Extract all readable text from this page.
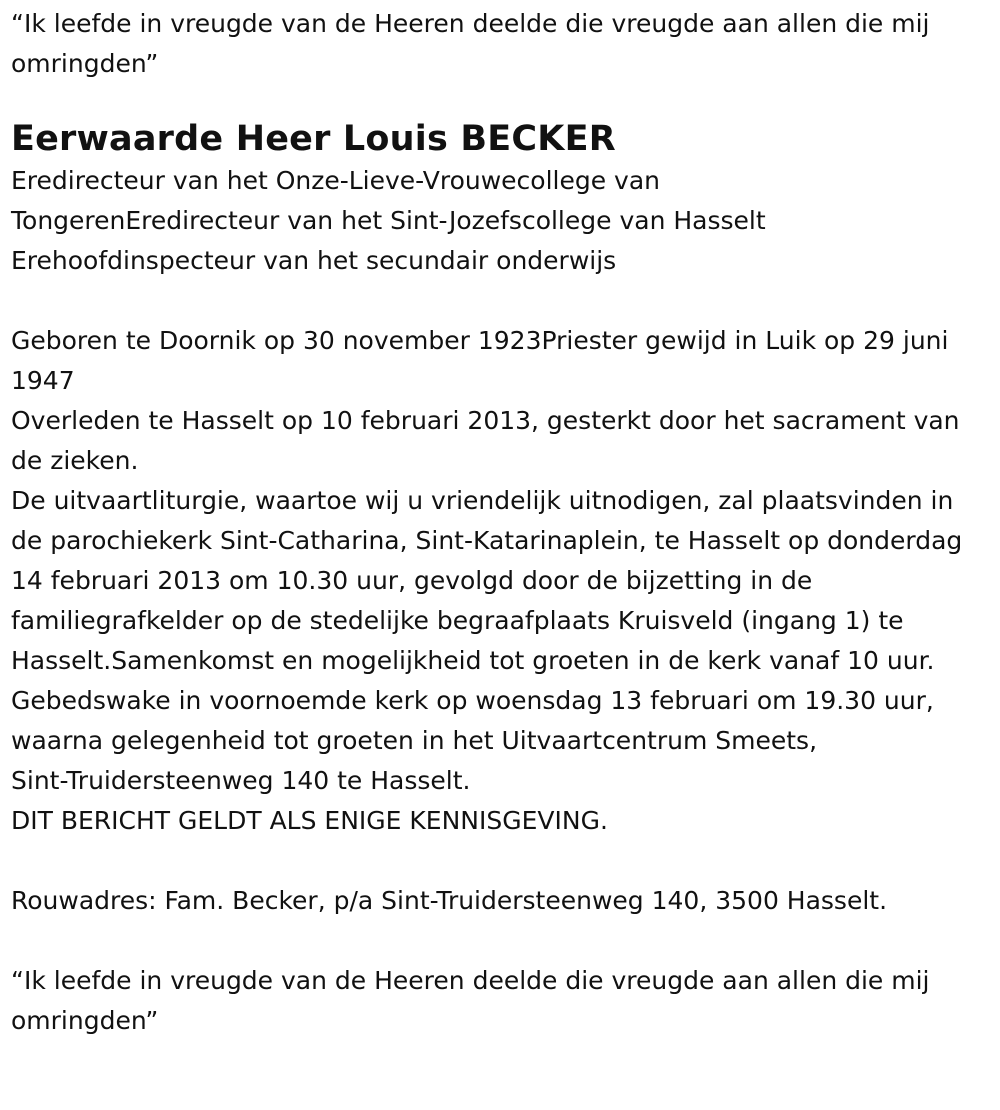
“Ik leefde in vreugde van de Heeren deelde die vreugde aan allen die mij omringden”

Eerwaarde Heer Louis BECKER
Eredirecteur van het Onze-Lieve-Vrouwecollege van
TongerenEredirecteur van het Sint-Jozefscollege van Hasselt
Erehoofdinspecteur van het secundair onderwijs
Geboren te Doornik op 30 november 1923Priester gewijd in Luik op 29 juni 1947
Overleden te Hasselt op 10 februari 2013, gesterkt door het sacrament van de zieken.
De uitvaartliturgie, waartoe wij u vriendelijk uitnodigen, zal plaatsvinden in de parochiekerk Sint-Catharina, Sint-Katarinaplein, te Hasselt op donderdag 14 februari 2013 om 10.30 uur, gevolgd door de bijzetting in de familiegrafkelder op de stedelijke begraafplaats Kruisveld (ingang 1) te Hasselt.Samenkomst en mogelijkheid tot groeten in de kerk vanaf 10 uur.
Gebedswake in voornoemde kerk op woensdag 13 februari om 19.30 uur, waarna gelegenheid tot groeten in het Uitvaartcentrum Smeets,
Sint-Truidersteenweg 140 te Hasselt.
DIT BERICHT GELDT ALS ENIGE KENNISGEVING.

Rouwadres: Fam. Becker, p/a Sint-Truidersteenweg 140, 3500 Hasselt.

“Ik leefde in vreugde van de Heeren deelde die vreugde aan allen die mij omringden”
